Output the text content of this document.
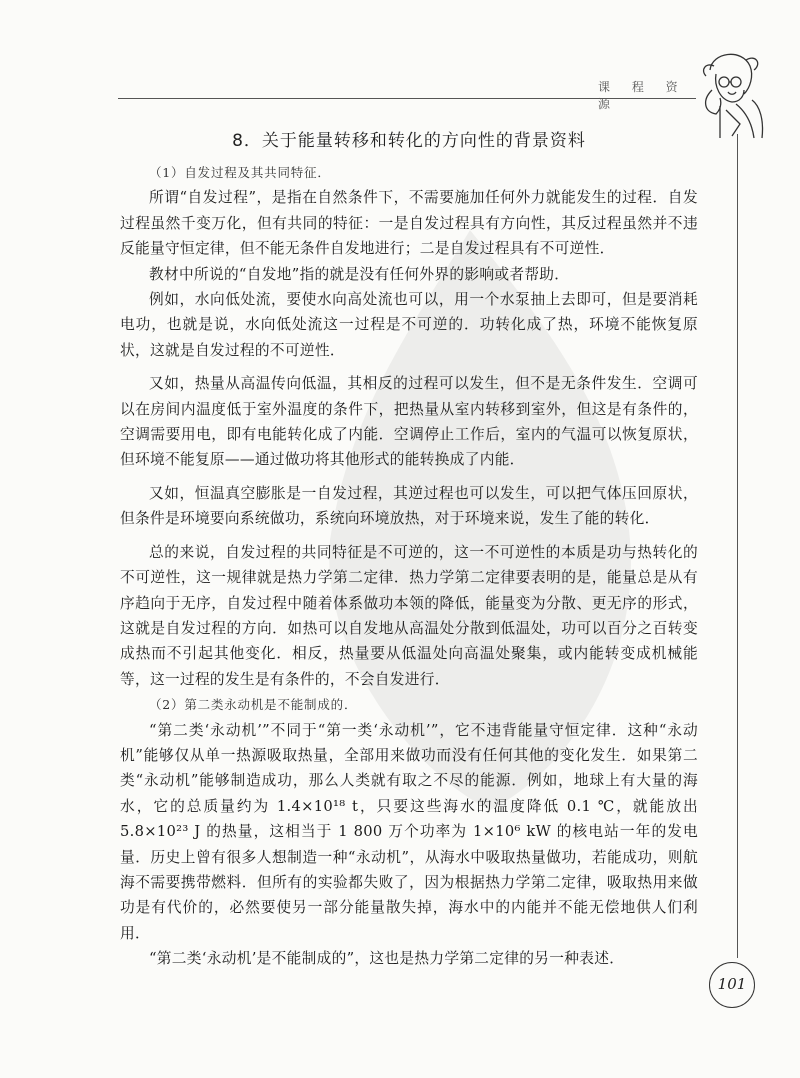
课 程 资 源
8．关于能量转移和转化的方向性的背景资料

（1）自发过程及其共同特征．

所谓“自发过程”，是指在自然条件下，不需要施加任何外力就能发生的过程．自发过程虽然千变万化，但有共同的特征：一是自发过程具有方向性，其反过程虽然并不违反能量守恒定律，但不能无条件自发地进行；二是自发过程具有不可逆性．

教材中所说的“自发地”指的就是没有任何外界的影响或者帮助．

例如，水向低处流，要使水向高处流也可以，用一个水泵抽上去即可，但是要消耗电功，也就是说，水向低处流这一过程是不可逆的．功转化成了热，环境不能恢复原状，这就是自发过程的不可逆性．

又如，热量从高温传向低温，其相反的过程可以发生，但不是无条件发生．空调可以在房间内温度低于室外温度的条件下，把热量从室内转移到室外，但这是有条件的，空调需要用电，即有电能转化成了内能．空调停止工作后，室内的气温可以恢复原状，但环境不能复原——通过做功将其他形式的能转换成了内能．

又如，恒温真空膨胀是一自发过程，其逆过程也可以发生，可以把气体压回原状，但条件是环境要向系统做功，系统向环境放热，对于环境来说，发生了能的转化．

总的来说，自发过程的共同特征是不可逆的，这一不可逆性的本质是功与热转化的不可逆性，这一规律就是热力学第二定律．热力学第二定律要表明的是，能量总是从有序趋向于无序，自发过程中随着体系做功本领的降低，能量变为分散、更无序的形式，这就是自发过程的方向．如热可以自发地从高温处分散到低温处，功可以百分之百转变成热而不引起其他变化．相反，热量要从低温处向高温处聚集，或内能转变成机械能等，这一过程的发生是有条件的，不会自发进行．

（2）第二类永动机是不能制成的．

“第二类‘永动机’”不同于“第一类‘永动机’”，它不违背能量守恒定律．这种“永动机”能够仅从单一热源吸取热量，全部用来做功而没有任何其他的变化发生．如果第二类“永动机”能够制造成功，那么人类就有取之不尽的能源．例如，地球上有大量的海水，它的总质量约为 1.4×10¹⁸ t，只要这些海水的温度降低 0.1 ℃，就能放出 5.8×10²³ J 的热量，这相当于 1 800 万个功率为 1×10⁶ kW 的核电站一年的发电量．历史上曾有很多人想制造一种“永动机”，从海水中吸取热量做功，若能成功，则航海不需要携带燃料．但所有的实验都失败了，因为根据热力学第二定律，吸取热用来做功是有代价的，必然要使另一部分能量散失掉，海水中的内能并不能无偿地供人们利用．

“第二类‘永动机’是不能制成的”，这也是热力学第二定律的另一种表述．

101
